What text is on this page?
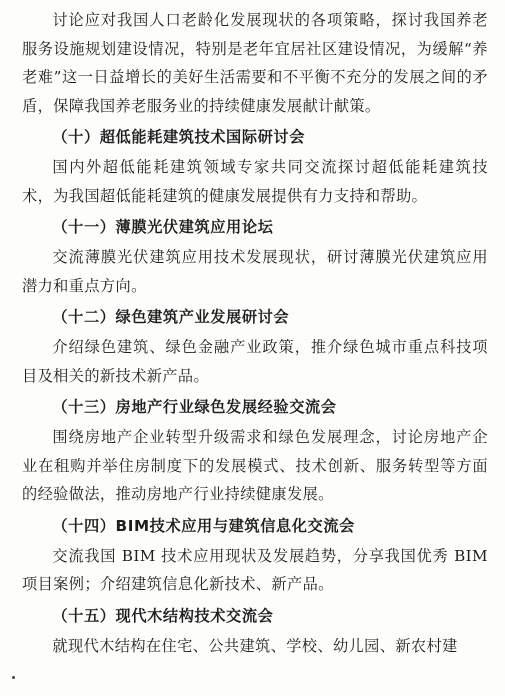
讨论应对我国人口老龄化发展现状的各项策略，探讨我国养老服务设施规划建设情况，特别是老年宜居社区建设情况，为缓解“养老难”这一日益增长的美好生活需要和不平衡不充分的发展之间的矛盾，保障我国养老服务业的持续健康发展献计献策。

（十）超低能耗建筑技术国际研讨会

国内外超低能耗建筑领域专家共同交流探讨超低能耗建筑技术，为我国超低能耗建筑的健康发展提供有力支持和帮助。

（十一）薄膜光伏建筑应用论坛

交流薄膜光伏建筑应用技术发展现状，研讨薄膜光伏建筑应用潜力和重点方向。

（十二）绿色建筑产业发展研讨会

介绍绿色建筑、绿色金融产业政策，推介绿色城市重点科技项目及相关的新技术新产品。

（十三）房地产行业绿色发展经验交流会

围绕房地产企业转型升级需求和绿色发展理念，讨论房地产企业在租购并举住房制度下的发展模式、技术创新、服务转型等方面的经验做法，推动房地产行业持续健康发展。

（十四）BIM技术应用与建筑信息化交流会

交流我国 BIM 技术应用现状及发展趋势，分享我国优秀 BIM 项目案例；介绍建筑信息化新技术、新产品。

（十五）现代木结构技术交流会

就现代木结构在住宅、公共建筑、学校、幼儿园、新农村建
